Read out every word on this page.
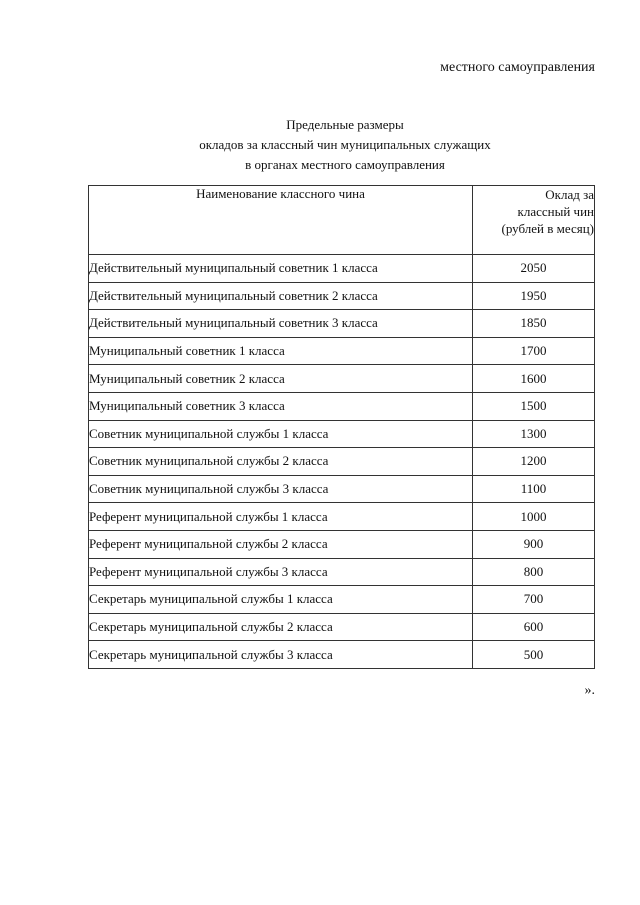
местного самоуправления
Предельные размеры
окладов за классный чин муниципальных служащих
в органах местного самоуправления
Наименование классного чина	Оклад за классный чин (рублей в месяц)
Действительный муниципальный советник 1 класса	2050
Действительный муниципальный советник 2 класса	1950
Действительный муниципальный советник 3 класса	1850
Муниципальный советник 1 класса	1700
Муниципальный советник 2 класса	1600
Муниципальный советник 3 класса	1500
Советник муниципальной службы 1 класса	1300
Советник муниципальной службы 2 класса	1200
Советник муниципальной службы 3 класса	1100
Референт муниципальной службы 1 класса	1000
Референт муниципальной службы 2 класса	900
Референт муниципальной службы 3 класса	800
Секретарь муниципальной службы 1 класса	700
Секретарь муниципальной службы 2 класса	600
Секретарь муниципальной службы 3 класса	500
».
